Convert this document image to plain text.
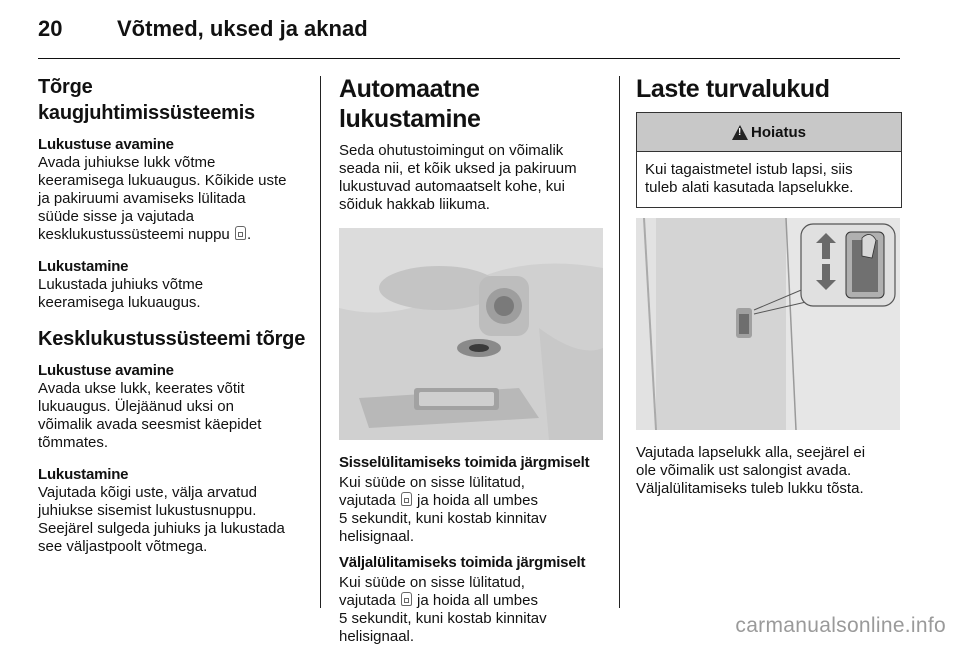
20 Võtmed, uksed ja aknad
Tõrge kaugjuhtimissüsteemis
Lukustuse avamine

Avada juhiukse lukk võtme
keeramisega lukuaugus. Kõikide uste
ja pakiruumi avamiseks lülitada
süüde sisse ja vajutada
kesklukustussüsteemi nuppu .

Lukustamine

Lukustada juhiuks võtme
keeramisega lukuaugus.

Kesklukustussüsteemi tõrge
Lukustuse avamine

Avada ukse lukk, keerates võtit
lukuaugus. Ülejäänud uksi on
võimalik avada seesmist käepidet
tõmmates.

Lukustamine

Vajutada kõigi uste, välja arvatud
juhiukse sisemist lukustusnuppu.
Seejärel sulgeda juhiuks ja lukustada
see väljastpoolt võtmega.

Automaatne lukustamine

Seda ohutustoimingut on võimalik
seada nii, et kõik uksed ja pakiruum
lukustuvad automaatselt kohe, kui
sõiduk hakkab liikuma.

Sisselülitamiseks toimida järgmiselt

Kui süüde on sisse lülitatud,
vajutada  ja hoida all umbes
5 sekundit, kuni kostab kinnitav
helisignaal.

Väljalülitamiseks toimida järgmiselt

Kui süüde on sisse lülitatud,
vajutada  ja hoida all umbes
5 sekundit, kuni kostab kinnitav
helisignaal.

Laste turvalukud
!
Hoiatus
Kui tagaistmetel istub lapsi, siis
tuleb alati kasutada lapselukke.

Vajutada lapselukk alla, seejärel ei
ole võimalik ust salongist avada.
Väljalülitamiseks tuleb lukku tõsta.

carmanualsonline.info
